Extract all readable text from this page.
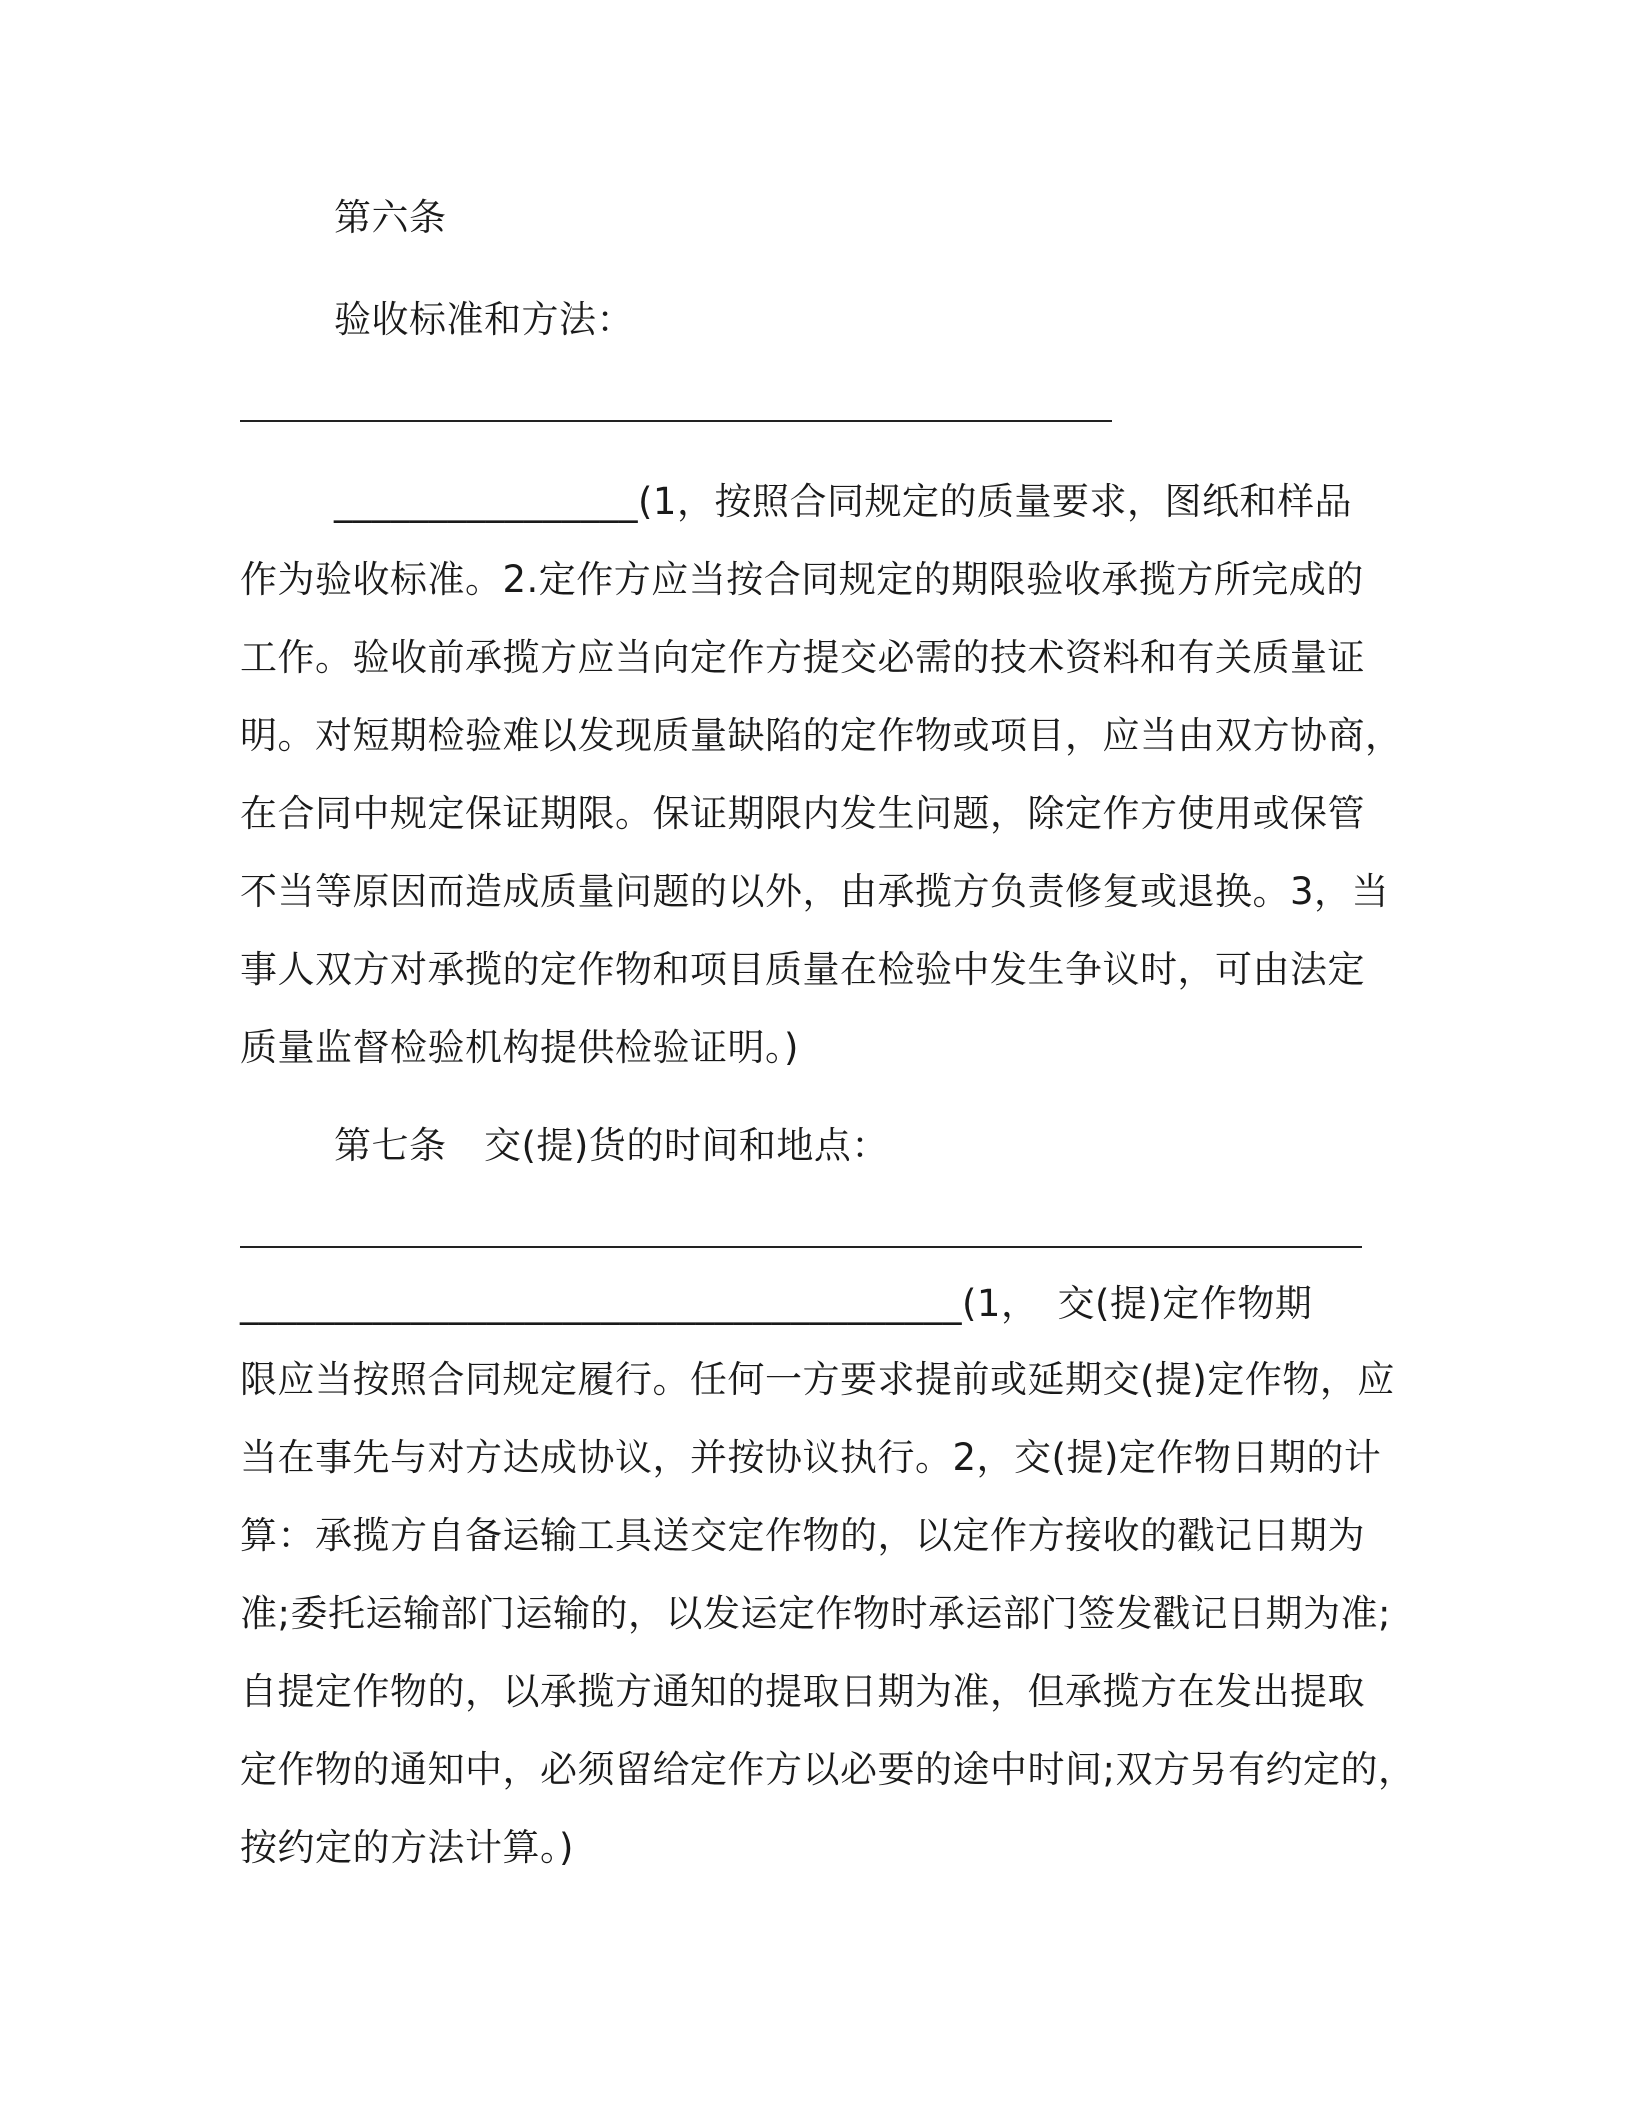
第六条
验收标准和方法：
________________(1，按照合同规定的质量要求，图纸和样品
作为验收标准。2.定作方应当按合同规定的期限验收承揽方所完成的
工作。验收前承揽方应当向定作方提交必需的技术资料和有关质量证
明。对短期检验难以发现质量缺陷的定作物或项目，应当由双方协商，
在合同中规定保证期限。保证期限内发生问题，除定作方使用或保管
不当等原因而造成质量问题的以外，由承揽方负责修复或退换。3，当
事人双方对承揽的定作物和项目质量在检验中发生争议时，可由法定
质量监督检验机构提供检验证明。)
第七条　交(提)货的时间和地点：
______________________________________(1，　交(提)定作物期
限应当按照合同规定履行。任何一方要求提前或延期交(提)定作物，应
当在事先与对方达成协议，并按协议执行。2，交(提)定作物日期的计
算：承揽方自备运输工具送交定作物的，以定作方接收的戳记日期为
准;委托运输部门运输的，以发运定作物时承运部门签发戳记日期为准;
自提定作物的，以承揽方通知的提取日期为准，但承揽方在发出提取
定作物的通知中，必须留给定作方以必要的途中时间;双方另有约定的，
按约定的方法计算。)
